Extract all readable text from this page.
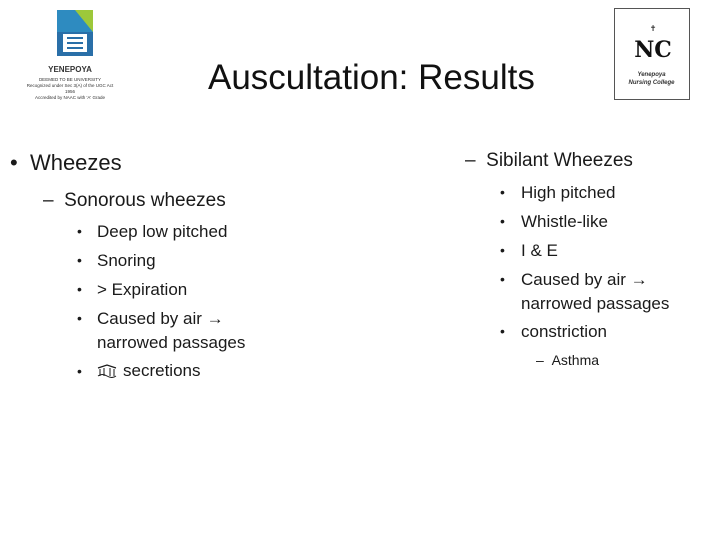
YENEPOYA
DEEMED TO BE UNIVERSITY
Recognized under Sec 3(A) of the UGC Act 1956
Accredited by NAAC with 'A' Grade
✝
NC
Yenepoya
Nursing College
Auscultation: Results
• Wheezes
– Sonorous wheezes
• Deep low pitched
• Snoring
• > Expiration
• Caused by air →
narrowed passages
• secretions
– Sibilant Wheezes
• High pitched
• Whistle-like
• I & E
• Caused by air →
narrowed passages
• constriction
– Asthma
